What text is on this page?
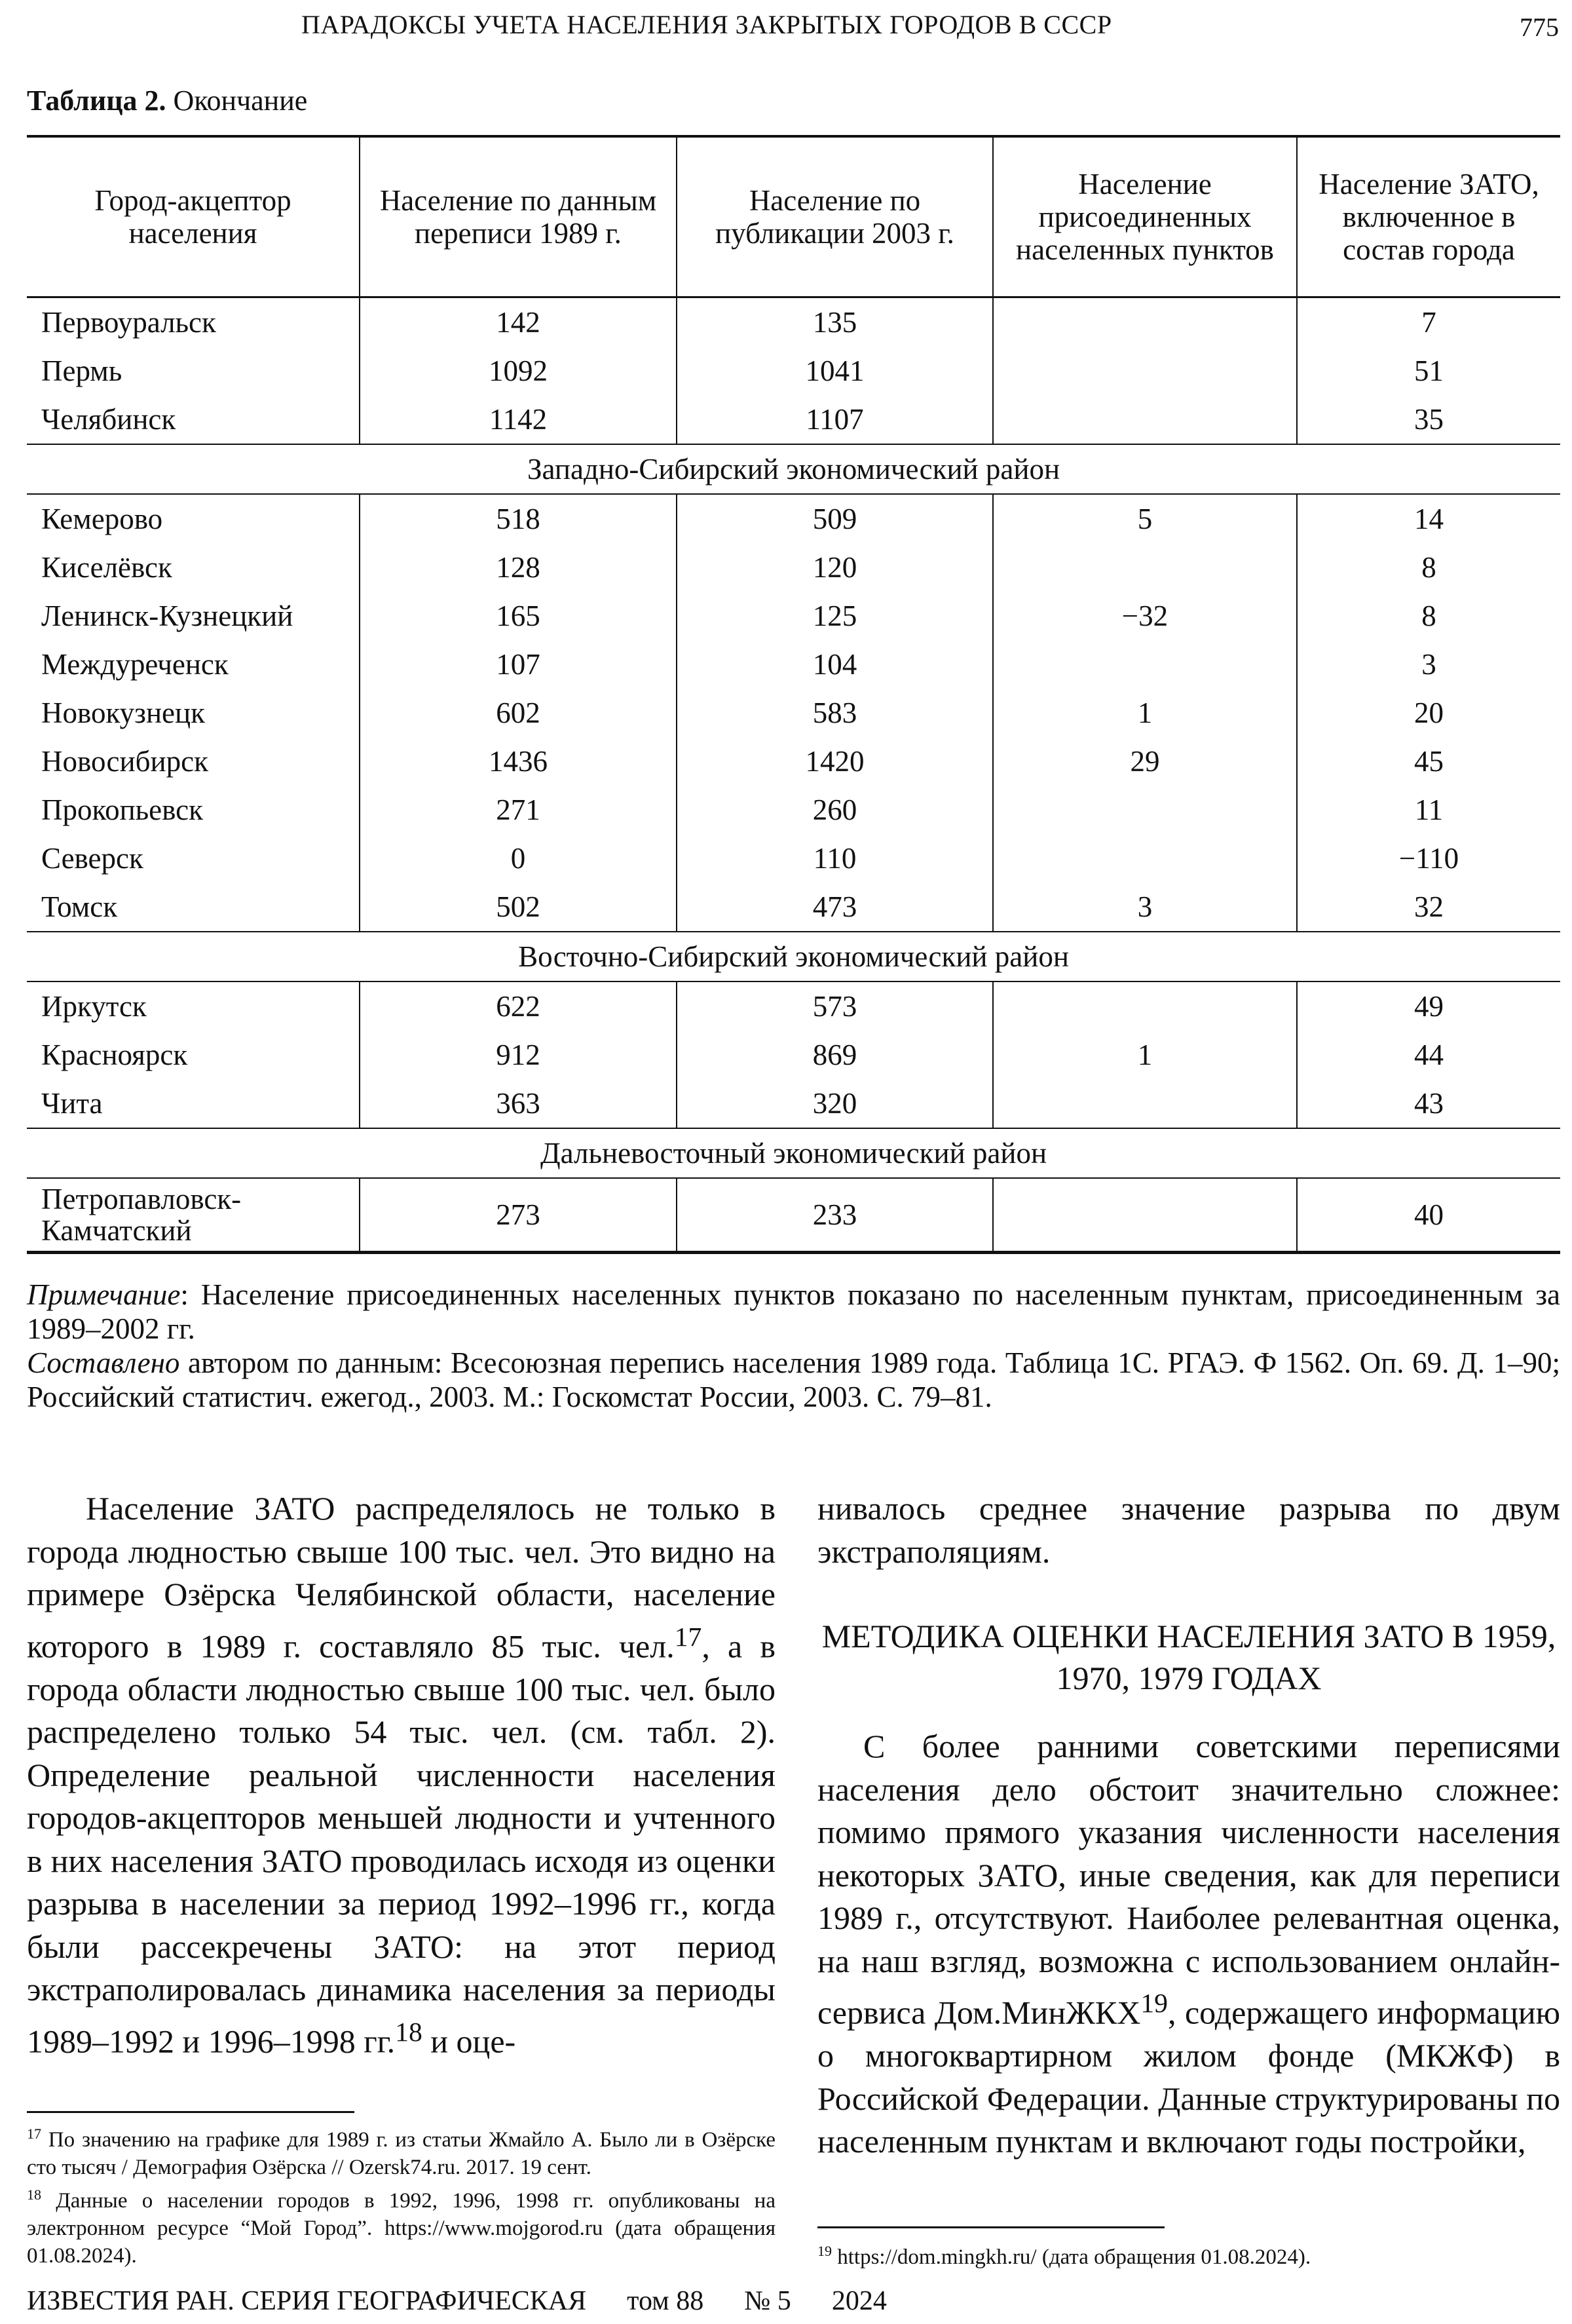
ПАРАДОКСЫ УЧЕТА НАСЕЛЕНИЯ ЗАКРЫТЫХ ГОРОДОВ В СССР	775
Таблица 2. Окончание
Город-акцептор населения	Население по данным переписи 1989 г.	Население по публикации 2003 г.	Население присоединенных населенных пунктов	Население ЗАТО, включенное в состав города
Первоуральск	142	135		7
Пермь	1092	1041		51
Челябинск	1142	1107		35
Западно-Сибирский экономический район				
Кемерово	518	509	5	14
Киселёвск	128	120		8
Ленинск-Кузнецкий	165	125	−32	8
Междуреченск	107	104		3
Новокузнецк	602	583	1	20
Новосибирск	1436	1420	29	45
Прокопьевск	271	260		11
Северск	0	110		−110
Томск	502	473	3	32
Восточно-Сибирский экономический район				
Иркутск	622	573		49
Красноярск	912	869	1	44
Чита	363	320		43
Дальневосточный экономический район				
Петропавловск-Камчатский	273	233		40

Примечание: Население присоединенных населенных пунктов показано по населенным пунктам, присоединенным за 1989–2002 гг.

Составлено автором по данным: Всесоюзная перепись населения 1989 года. Таблица 1С. РГАЭ. Ф 1562. Оп. 69. Д. 1–90; Российский статистич. ежегод., 2003. М.: Госкомстат России, 2003. С. 79–81.

Население ЗАТО распределялось не только в города людностью свыше 100 тыс. чел. Это видно на примере Озёрска Челябинской области, население которого в 1989 г. составляло 85 тыс. чел.$^{17}$, а в города области людностью свыше 100 тыс. чел. было распределено только 54 тыс. чел. (см. табл. 2). Определение реальной численности населения городов-акцепторов меньшей людности и учтенного в них населения ЗАТО проводилась исходя из оценки разрыва в населении за период 1992–1996 гг., когда были рассекречены ЗАТО: на этот период экстраполировалась динамика населения за периоды 1989–1992 и 1996–1998 гг.$^{18}$ и оце-

нивалось среднее значение разрыва по двум экстраполяциям.

МЕТОДИКА ОЦЕНКИ НАСЕЛЕНИЯ ЗАТО В 1959, 1970, 1979 ГОДАХ

С более ранними советскими переписями населения дело обстоит значительно сложнее: помимо прямого указания численности населения некоторых ЗАТО, иные сведения, как для переписи 1989 г., отсутствуют. Наиболее релевантная оценка, на наш взгляд, возможна с использованием онлайн-сервиса Дом.МинЖКХ$^{19}$, содержащего информацию о многоквартирном жилом фонде (МКЖФ) в Российской Федерации. Данные структурированы по населенным пунктам и включают годы постройки,

$^{17}$ По значению на графике для 1989 г. из статьи Жмайло А. Было ли в Озёрске сто тысяч / Демография Озёрска // Ozersk74.ru. 2017. 19 сент.

$^{18}$ Данные о населении городов в 1992, 1996, 1998 гг. опубликованы на электронном ресурсе “Мой Город”. https://www.mojgorod.ru (дата обращения 01.08.2024).	$^{19}$ https://dom.mingkh.ru/ (дата обращения 01.08.2024).

ИЗВЕСТИЯ РАН. СЕРИЯ ГЕОГРАФИЧЕСКАЯ том 88 № 5 2024
